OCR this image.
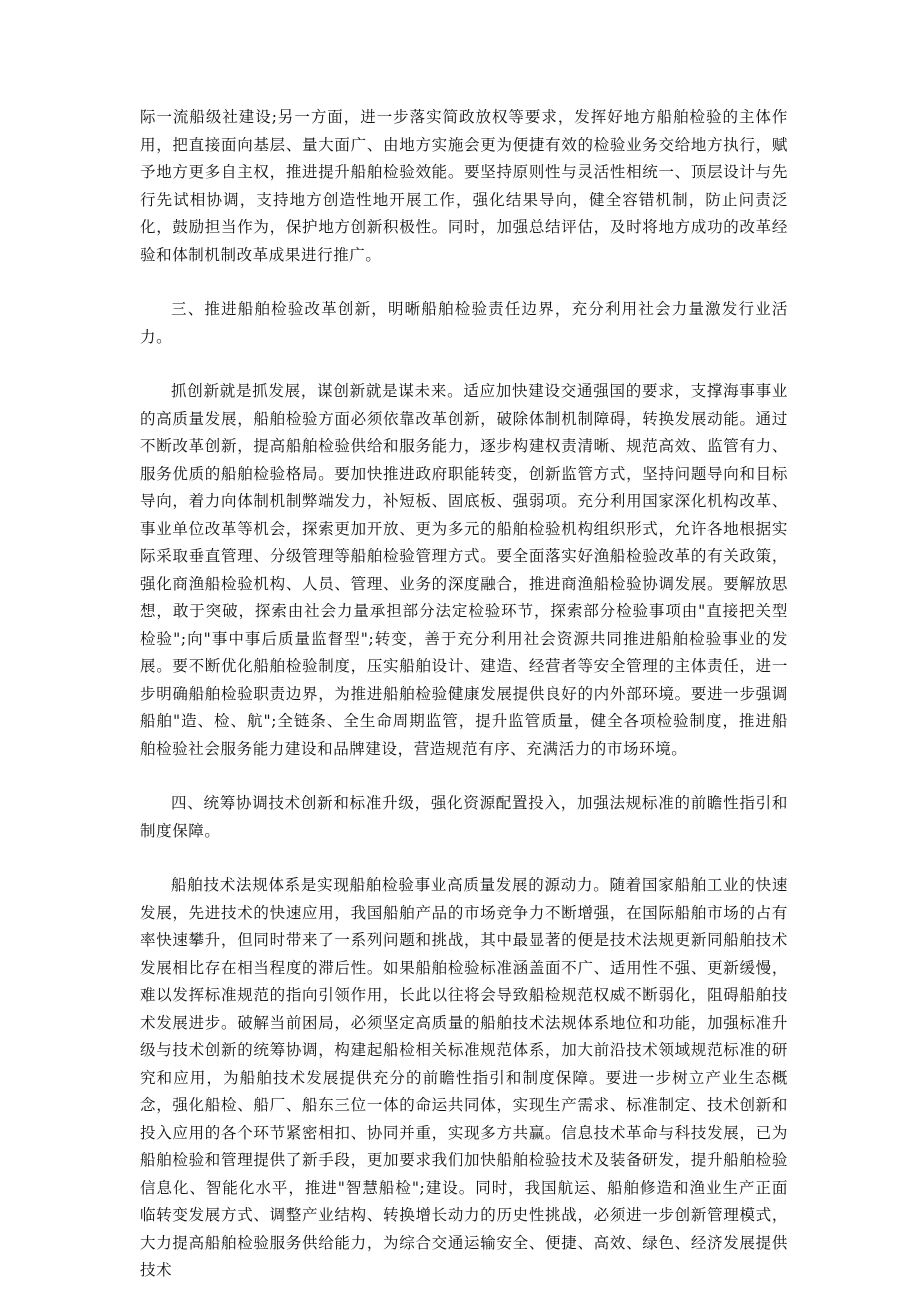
际一流船级社建设;另一方面，进一步落实简政放权等要求，发挥好地方船舶检验的主体作用，把直接面向基层、量大面广、由地方实施会更为便捷有效的检验业务交给地方执行，赋予地方更多自主权，推进提升船舶检验效能。要坚持原则性与灵活性相统一、顶层设计与先行先试相协调，支持地方创造性地开展工作，强化结果导向，健全容错机制，防止问责泛化，鼓励担当作为，保护地方创新积极性。同时，加强总结评估，及时将地方成功的改革经验和体制机制改革成果进行推广。

三、推进船舶检验改革创新，明晰船舶检验责任边界，充分利用社会力量激发行业活力。

抓创新就是抓发展，谋创新就是谋未来。适应加快建设交通强国的要求，支撑海事事业的高质量发展，船舶检验方面必须依靠改革创新，破除体制机制障碍，转换发展动能。通过不断改革创新，提高船舶检验供给和服务能力，逐步构建权责清晰、规范高效、监管有力、服务优质的船舶检验格局。要加快推进政府职能转变，创新监管方式，坚持问题导向和目标导向，着力向体制机制弊端发力，补短板、固底板、强弱项。充分利用国家深化机构改革、事业单位改革等机会，探索更加开放、更为多元的船舶检验机构组织形式，允许各地根据实际采取垂直管理、分级管理等船舶检验管理方式。要全面落实好渔船检验改革的有关政策，强化商渔船检验机构、人员、管理、业务的深度融合，推进商渔船检验协调发展。要解放思想，敢于突破，探索由社会力量承担部分法定检验环节，探索部分检验事项由"直接把关型检验";向"事中事后质量监督型";转变，善于充分利用社会资源共同推进船舶检验事业的发展。要不断优化船舶检验制度，压实船舶设计、建造、经营者等安全管理的主体责任，进一步明确船舶检验职责边界，为推进船舶检验健康发展提供良好的内外部环境。要进一步强调船舶"造、检、航";全链条、全生命周期监管，提升监管质量，健全各项检验制度，推进船舶检验社会服务能力建设和品牌建设，营造规范有序、充满活力的市场环境。

四、统筹协调技术创新和标准升级，强化资源配置投入，加强法规标准的前瞻性指引和制度保障。

船舶技术法规体系是实现船舶检验事业高质量发展的源动力。随着国家船舶工业的快速发展，先进技术的快速应用，我国船舶产品的市场竞争力不断增强，在国际船舶市场的占有率快速攀升，但同时带来了一系列问题和挑战，其中最显著的便是技术法规更新同船舶技术发展相比存在相当程度的滞后性。如果船舶检验标准涵盖面不广、适用性不强、更新缓慢，难以发挥标准规范的指向引领作用，长此以往将会导致船检规范权威不断弱化，阻碍船舶技术发展进步。破解当前困局，必须坚定高质量的船舶技术法规体系地位和功能，加强标准升级与技术创新的统筹协调，构建起船检相关标准规范体系，加大前沿技术领域规范标准的研究和应用，为船舶技术发展提供充分的前瞻性指引和制度保障。要进一步树立产业生态概念，强化船检、船厂、船东三位一体的命运共同体，实现生产需求、标准制定、技术创新和投入应用的各个环节紧密相扣、协同并重，实现多方共赢。信息技术革命与科技发展，已为船舶检验和管理提供了新手段，更加要求我们加快船舶检验技术及装备研发，提升船舶检验信息化、智能化水平，推进"智慧船检";建设。同时，我国航运、船舶修造和渔业生产正面临转变发展方式、调整产业结构、转换增长动力的历史性挑战，必须进一步创新管理模式，大力提高船舶检验服务供给能力，为综合交通运输安全、便捷、高效、绿色、经济发展提供技术
